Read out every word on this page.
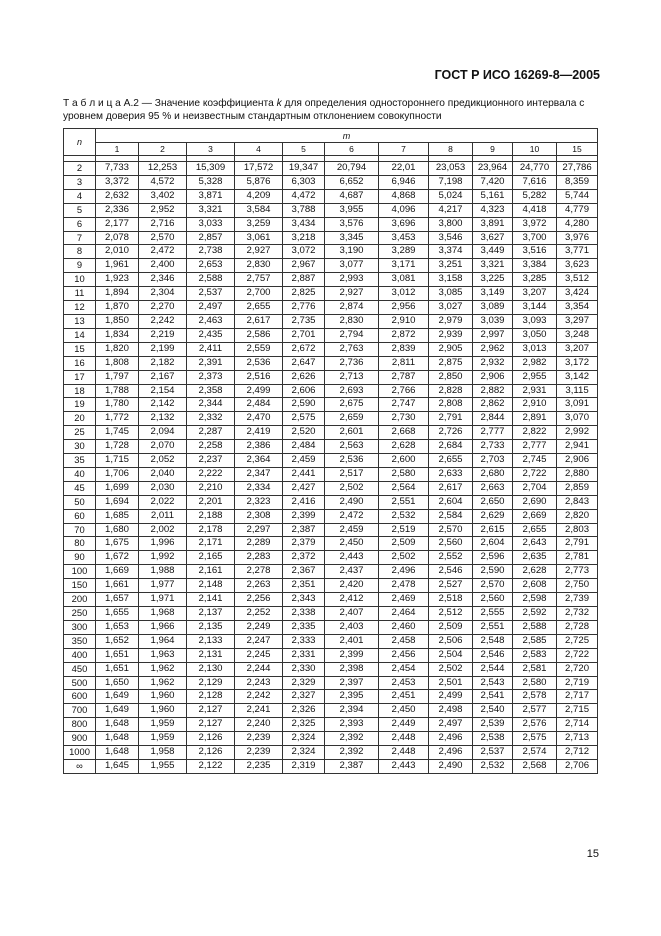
ГОСТ Р ИСО 16269-8—2005
Т а б л и ц а А.2 — Значение коэффициента k для определения одностороннего предикционного интервала с уровнем доверия 95 % и неизвестным стандартным отклонением совокупности
n	m										
	1	2	3	4	5	6	7	8	9	10	15

2	7,733	12,253	15,309	17,572	19,347	20,794	22,01	23,053	23,964	24,770	27,786
3	3,372	4,572	5,328	5,876	6,303	6,652	6,946	7,198	7,420	7,616	8,359
4	2,632	3,402	3,871	4,209	4,472	4,687	4,868	5,024	5,161	5,282	5,744
5	2,336	2,952	3,321	3,584	3,788	3,955	4,096	4,217	4,323	4,418	4,779
6	2,177	2,716	3,033	3,259	3,434	3,576	3,696	3,800	3,891	3,972	4,280
7	2,078	2,570	2,857	3,061	3,218	3,345	3,453	3,546	3,627	3,700	3,976
8	2,010	2,472	2,738	2,927	3,072	3,190	3,289	3,374	3,449	3,516	3,771
9	1,961	2,400	2,653	2,830	2,967	3,077	3,171	3,251	3,321	3,384	3,623
10	1,923	2,346	2,588	2,757	2,887	2,993	3,081	3,158	3,225	3,285	3,512
11	1,894	2,304	2,537	2,700	2,825	2,927	3,012	3,085	3,149	3,207	3,424
12	1,870	2,270	2,497	2,655	2,776	2,874	2,956	3,027	3,089	3,144	3,354
13	1,850	2,242	2,463	2,617	2,735	2,830	2,910	2,979	3,039	3,093	3,297
14	1,834	2,219	2,435	2,586	2,701	2,794	2,872	2,939	2,997	3,050	3,248
15	1,820	2,199	2,411	2,559	2,672	2,763	2,839	2,905	2,962	3,013	3,207
16	1,808	2,182	2,391	2,536	2,647	2,736	2,811	2,875	2,932	2,982	3,172
17	1,797	2,167	2,373	2,516	2,626	2,713	2,787	2,850	2,906	2,955	3,142
18	1,788	2,154	2,358	2,499	2,606	2,693	2,766	2,828	2,882	2,931	3,115
19	1,780	2,142	2,344	2,484	2,590	2,675	2,747	2,808	2,862	2,910	3,091
20	1,772	2,132	2,332	2,470	2,575	2,659	2,730	2,791	2,844	2,891	3,070
25	1,745	2,094	2,287	2,419	2,520	2,601	2,668	2,726	2,777	2,822	2,992
30	1,728	2,070	2,258	2,386	2,484	2,563	2,628	2,684	2,733	2,777	2,941
35	1,715	2,052	2,237	2,364	2,459	2,536	2,600	2,655	2,703	2,745	2,906
40	1,706	2,040	2,222	2,347	2,441	2,517	2,580	2,633	2,680	2,722	2,880
45	1,699	2,030	2,210	2,334	2,427	2,502	2,564	2,617	2,663	2,704	2,859
50	1,694	2,022	2,201	2,323	2,416	2,490	2,551	2,604	2,650	2,690	2,843
60	1,685	2,011	2,188	2,308	2,399	2,472	2,532	2,584	2,629	2,669	2,820
70	1,680	2,002	2,178	2,297	2,387	2,459	2,519	2,570	2,615	2,655	2,803
80	1,675	1,996	2,171	2,289	2,379	2,450	2,509	2,560	2,604	2,643	2,791
90	1,672	1,992	2,165	2,283	2,372	2,443	2,502	2,552	2,596	2,635	2,781
100	1,669	1,988	2,161	2,278	2,367	2,437	2,496	2,546	2,590	2,628	2,773
150	1,661	1,977	2,148	2,263	2,351	2,420	2,478	2,527	2,570	2,608	2,750
200	1,657	1,971	2,141	2,256	2,343	2,412	2,469	2,518	2,560	2,598	2,739
250	1,655	1,968	2,137	2,252	2,338	2,407	2,464	2,512	2,555	2,592	2,732
300	1,653	1,966	2,135	2,249	2,335	2,403	2,460	2,509	2,551	2,588	2,728
350	1,652	1,964	2,133	2,247	2,333	2,401	2,458	2,506	2,548	2,585	2,725
400	1,651	1,963	2,131	2,245	2,331	2,399	2,456	2,504	2,546	2,583	2,722
450	1,651	1,962	2,130	2,244	2,330	2,398	2,454	2,502	2,544	2,581	2,720
500	1,650	1,962	2,129	2,243	2,329	2,397	2,453	2,501	2,543	2,580	2,719
600	1,649	1,960	2,128	2,242	2,327	2,395	2,451	2,499	2,541	2,578	2,717
700	1,649	1,960	2,127	2,241	2,326	2,394	2,450	2,498	2,540	2,577	2,715
800	1,648	1,959	2,127	2,240	2,325	2,393	2,449	2,497	2,539	2,576	2,714
900	1,648	1,959	2,126	2,239	2,324	2,392	2,448	2,496	2,538	2,575	2,713
1000	1,648	1,958	2,126	2,239	2,324	2,392	2,448	2,496	2,537	2,574	2,712
∞	1,645	1,955	2,122	2,235	2,319	2,387	2,443	2,490	2,532	2,568	2,706
15
